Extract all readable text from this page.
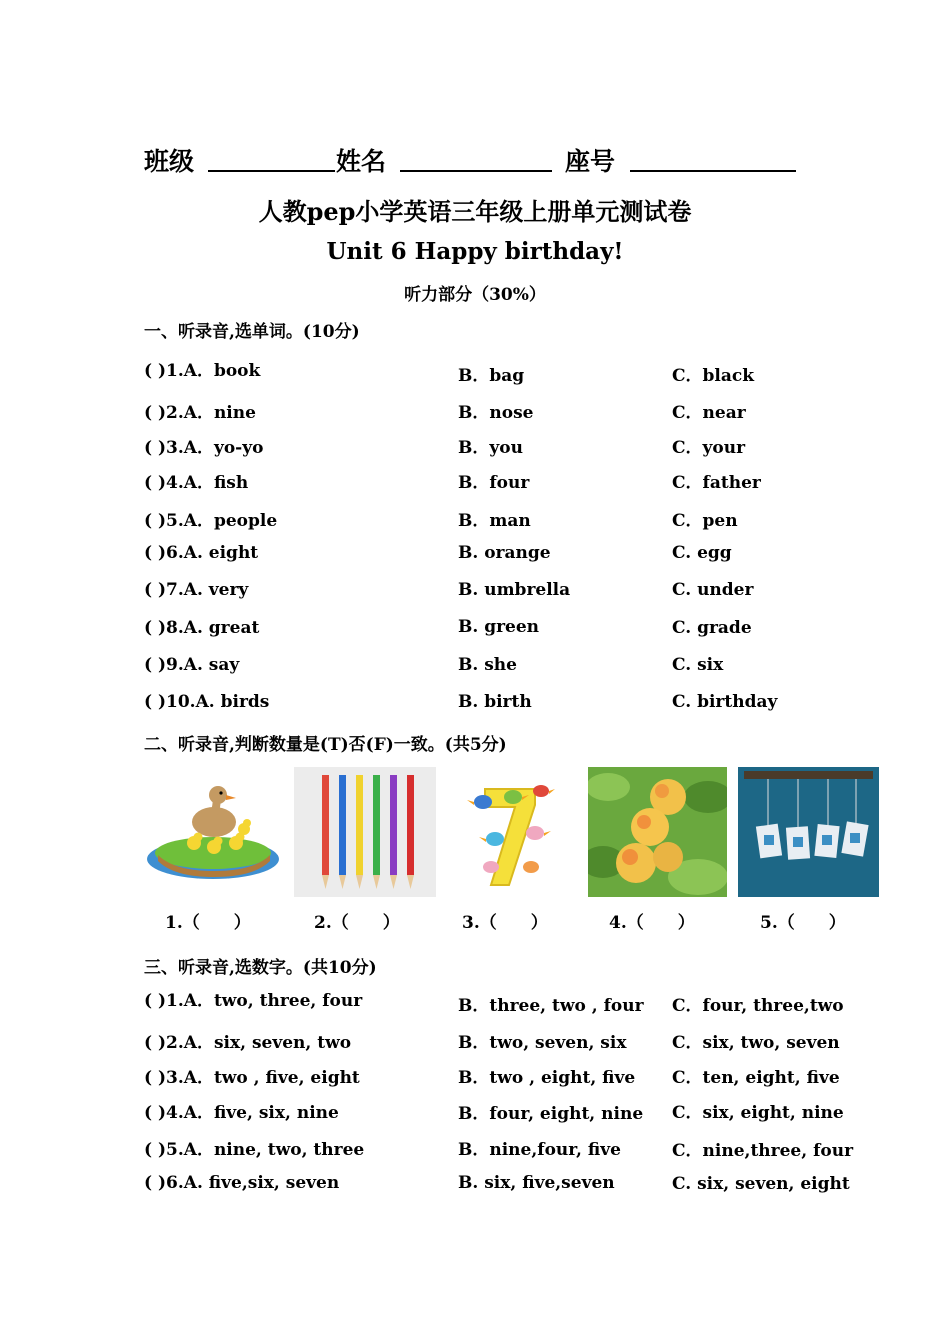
班级	姓名	座号
人教pep小学英语三年级上册单元测试卷
Unit 6 Happy birthday!
听力部分（30%）
一、听录音,选单词。(10分)
( )1.A．book	B．bag	C．black
( )2.A．nine	B．nose	C．near
( )3.A．yo-yo	B．you	C．your
( )4.A．fish	B．four	C．father
( )5.A．people	B．man	C．pen
( )6.A. eight	B. orange	C. egg
( )7.A. very	B. umbrella	C. under
( )8.A. great	B. green	C. grade
( )9.A. say	B. she	C. six
( )10.A. birds	B. birth	C. birthday
二、听录音,判断数量是(T)否(F)一致。(共5分)
1.（　　）	2.（　　）	3.（　　）	4.（　　）	5.（　　）
三、听录音,选数字。(共10分)
( )1.A．two, three, four	B．three, two , four C．four, three,two
( )2.A．six, seven, two	B．two, seven, six	C．six, two, seven
( )3.A．two , five, eight	B．two , eight, five C．ten, eight, five
( )4.A．five, six, nine	B．four, eight, nine C．six, eight, nine
( )5.A．nine, two, three	B．nine,four, five	C．nine,three, four
( )6.A. five,six, seven	B. six, five,seven	C. six, seven, eight
